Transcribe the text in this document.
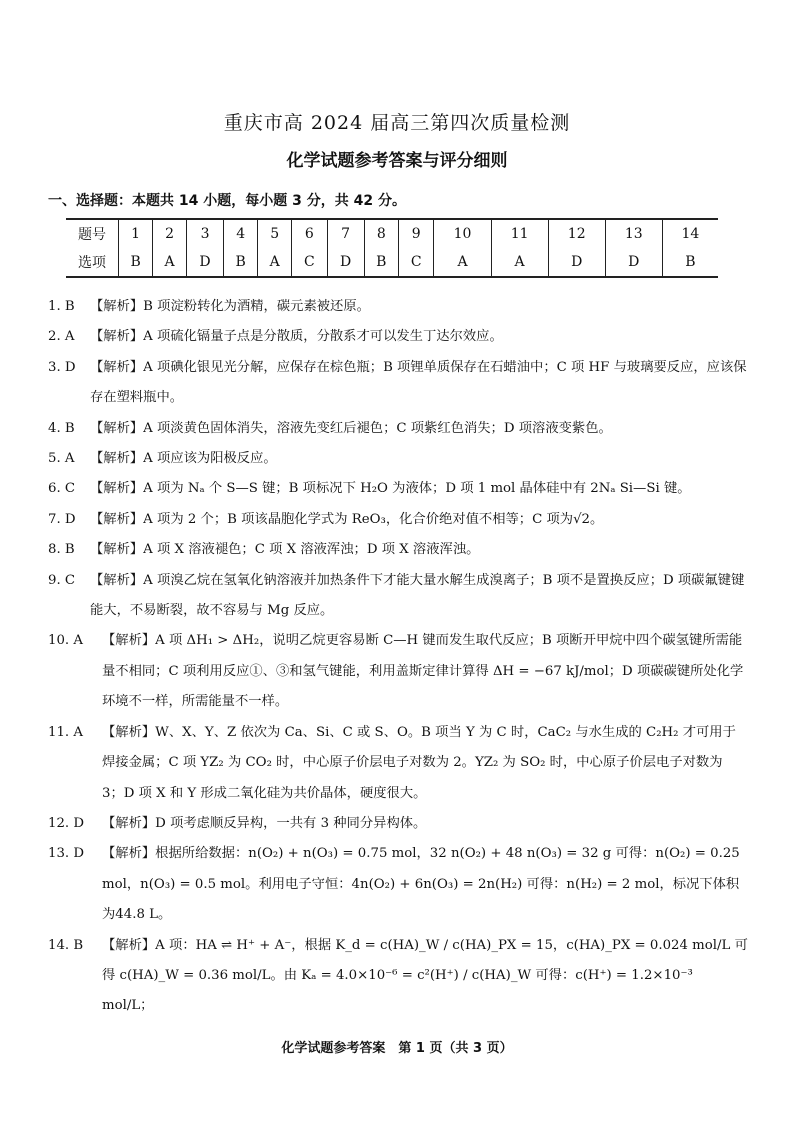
重庆市高 2024 届高三第四次质量检测
化学试题参考答案与评分细则
一、选择题：本题共 14 小题，每小题 3 分，共 42 分。
题号	1	2	3	4	5	6	7	8	9	10	11	12	13	14
选项	B	A	D	B	A	C	D	B	C	A	A	D	D	B
1. B	【解析】B 项淀粉转化为酒精，碳元素被还原。
2. A	【解析】A 项硫化镉量子点是分散质，分散系才可以发生丁达尔效应。
3. D	【解析】A 项碘化银见光分解，应保存在棕色瓶；B 项锂单质保存在石蜡油中；C 项 HF 与玻璃要反应，应该保存在塑料瓶中。
4. B	【解析】A 项淡黄色固体消失，溶液先变红后褪色；C 项紫红色消失；D 项溶液变紫色。
5. A	【解析】A 项应该为阳极反应。
6. C	【解析】A 项为 Nₐ 个 S—S 键；B 项标况下 H₂O 为液体；D 项 1 mol 晶体硅中有 2Nₐ Si—Si 键。
7. D	【解析】A 项为 2 个；B 项该晶胞化学式为 ReO₃，化合价绝对值不相等；C 项为√2。
8. B	【解析】A 项 X 溶液褪色；C 项 X 溶液浑浊；D 项 X 溶液浑浊。
9. C	【解析】A 项溴乙烷在氢氧化钠溶液并加热条件下才能大量水解生成溴离子；B 项不是置换反应；D 项碳氟键键能大，不易断裂，故不容易与 Mg 反应。
10. A	【解析】A 项 ΔH₁ > ΔH₂，说明乙烷更容易断 C—H 键而发生取代反应；B 项断开甲烷中四个碳氢键所需能量不相同；C 项利用反应①、③和氢气键能，利用盖斯定律计算得 ΔH = −67 kJ/mol；D 项碳碳键所处化学环境不一样，所需能量不一样。
11. A	【解析】W、X、Y、Z 依次为 Ca、Si、C 或 S、O。B 项当 Y 为 C 时，CaC₂ 与水生成的 C₂H₂ 才可用于焊接金属；C 项 YZ₂ 为 CO₂ 时，中心原子价层电子对数为 2。YZ₂ 为 SO₂ 时，中心原子价层电子对数为 3；D 项 X 和 Y 形成二氧化硅为共价晶体，硬度很大。
12. D	【解析】D 项考虑顺反异构，一共有 3 种同分异构体。
13. D	【解析】根据所给数据：n(O₂) + n(O₃) = 0.75 mol，32 n(O₂) + 48 n(O₃) = 32 g 可得：n(O₂) = 0.25 mol，n(O₃) = 0.5 mol。利用电子守恒：4n(O₂) + 6n(O₃) = 2n(H₂) 可得：n(H₂) = 2 mol，标况下体积为44.8 L。
14. B	【解析】A 项：HA ⇌ H⁺ + A⁻，根据 K_d = c(HA)_W / c(HA)_PX = 15，c(HA)_PX = 0.024 mol/L 可得 c(HA)_W = 0.36 mol/L。由 Kₐ = 4.0×10⁻⁶ = c²(H⁺) / c(HA)_W 可得：c(H⁺) = 1.2×10⁻³ mol/L；
化学试题参考答案　第 1 页（共 3 页）
